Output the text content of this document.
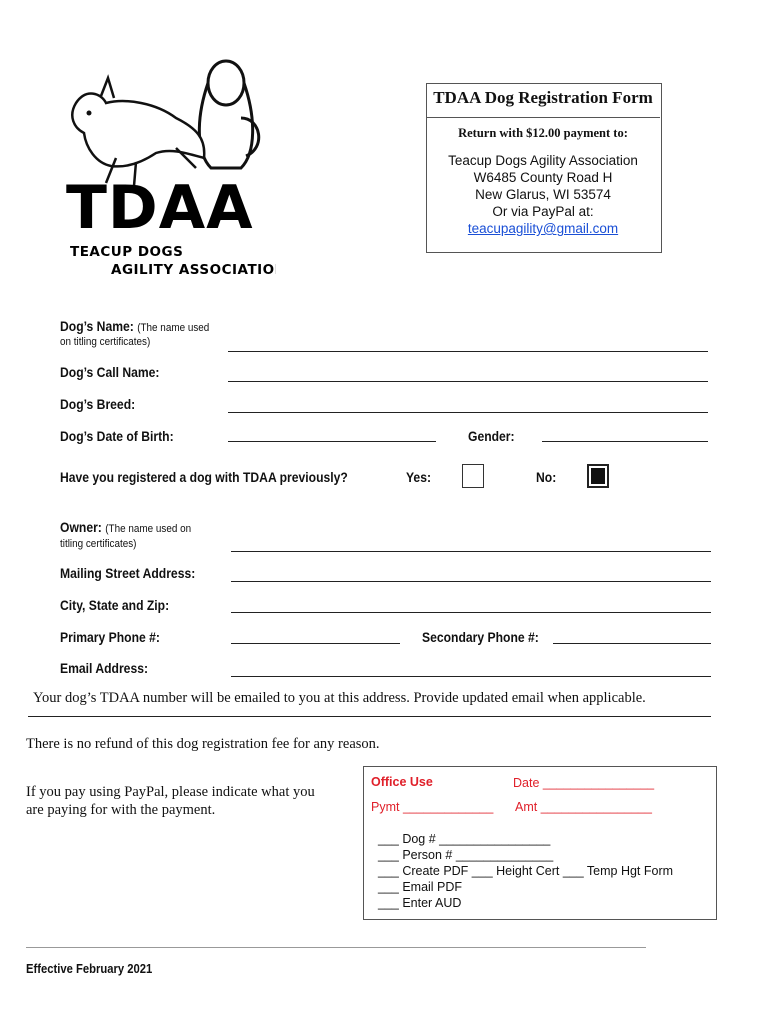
TDAA
TEACUP DOGS
AGILITY ASSOCIATION
TDAA Dog Registration Form
Return with $12.00 payment to:
Teacup Dogs Agility Association
W6485 County Road H
New Glarus, WI 53574
Or via PayPal at:
teacupagility@gmail.com
Dog’s Name: (The name used
on titling certificates)
Dog’s Call Name:
Dog’s Breed:
Dog’s Date of Birth:	Gender:
Have you registered a dog with TDAA previously?	Yes:	No:
Owner: (The name used on
titling certificates)
Mailing Street Address:
City, State and Zip:
Primary Phone #:	Secondary Phone #:
Email Address:
Your dog’s TDAA number will be emailed to you at this address. Provide updated email when applicable.
There is no refund of this dog registration fee for any reason.
If you pay using PayPal, please indicate what you
are paying for with the payment.
Office Use	Date ________________
Pymt _____________ Amt ________________
___ Dog # ________________
___ Person # ______________
___ Create PDF ___ Height Cert ___ Temp Hgt Form
___ Email PDF
___ Enter AUD
Effective February 2021
